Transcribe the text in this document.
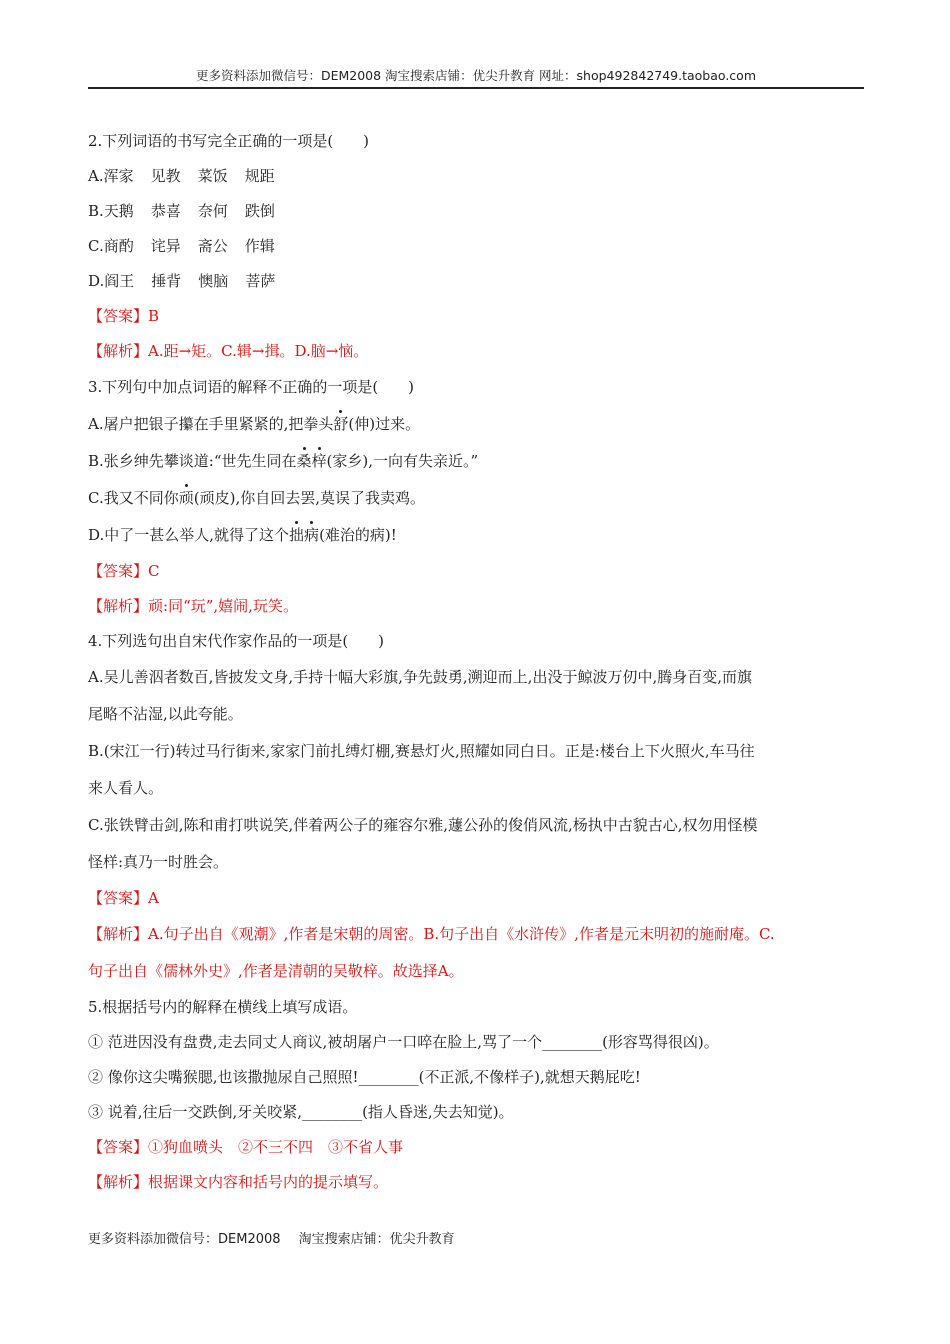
更多资料添加微信号：DEM2008 淘宝搜索店铺：优尖升教育 网址：shop492842749.taobao.com
2.下列词语的书写完全正确的一项是(　　)
A.浑家 见教 菜饭 规距
B.天鹅 恭喜 奈何 跌倒
C.商酌 诧异 斋公 作辑
D.阎王 捶背 懊脑 菩萨
【答案】B
【解析】A.距→矩。C.辑→揖。D.脑→恼。
3.下列句中加点词语的解释不正确的一项是(　　)
A.屠户把银子攥在手里紧紧的,把拳头舒(伸)过来。
B.张乡绅先攀谈道:“世先生同在桑梓(家乡),一向有失亲近。”
C.我又不同你顽(顽皮),你自回去罢,莫误了我卖鸡。
D.中了一甚么举人,就得了这个拙病(难治的病)!
【答案】C
【解析】顽:同“玩”,嬉闹,玩笑。
4.下列选句出自宋代作家作品的一项是(　　)
A.吴儿善泅者数百,皆披发文身,手持十幅大彩旗,争先鼓勇,溯迎而上,出没于鲸波万仞中,腾身百变,而旗
尾略不沾湿,以此夸能。
B.(宋江一行)转过马行街来,家家门前扎缚灯棚,赛悬灯火,照耀如同白日。正是:楼台上下火照火,车马往
来人看人。
C.张铁臂击剑,陈和甫打哄说笑,伴着两公子的雍容尔雅,蘧公孙的俊俏风流,杨执中古貌古心,权勿用怪模
怪样:真乃一时胜会。
【答案】A
【解析】A.句子出自《观潮》,作者是宋朝的周密。B.句子出自《水浒传》,作者是元末明初的施耐庵。C.
句子出自《儒林外史》,作者是清朝的吴敬梓。故选择A。
5.根据括号内的解释在横线上填写成语。
① 范进因没有盘费,走去同丈人商议,被胡屠户一口啐在脸上,骂了一个________(形容骂得很凶)。
② 像你这尖嘴猴腮,也该撒抛尿自己照照!________(不正派,不像样子),就想天鹅屁吃!
③ 说着,往后一交跌倒,牙关咬紧,________(指人昏迷,失去知觉)。
【答案】①狗血喷头　②不三不四　③不省人事
【解析】根据课文内容和括号内的提示填写。
更多资料添加微信号：DEM2008 淘宝搜索店铺：优尖升教育
